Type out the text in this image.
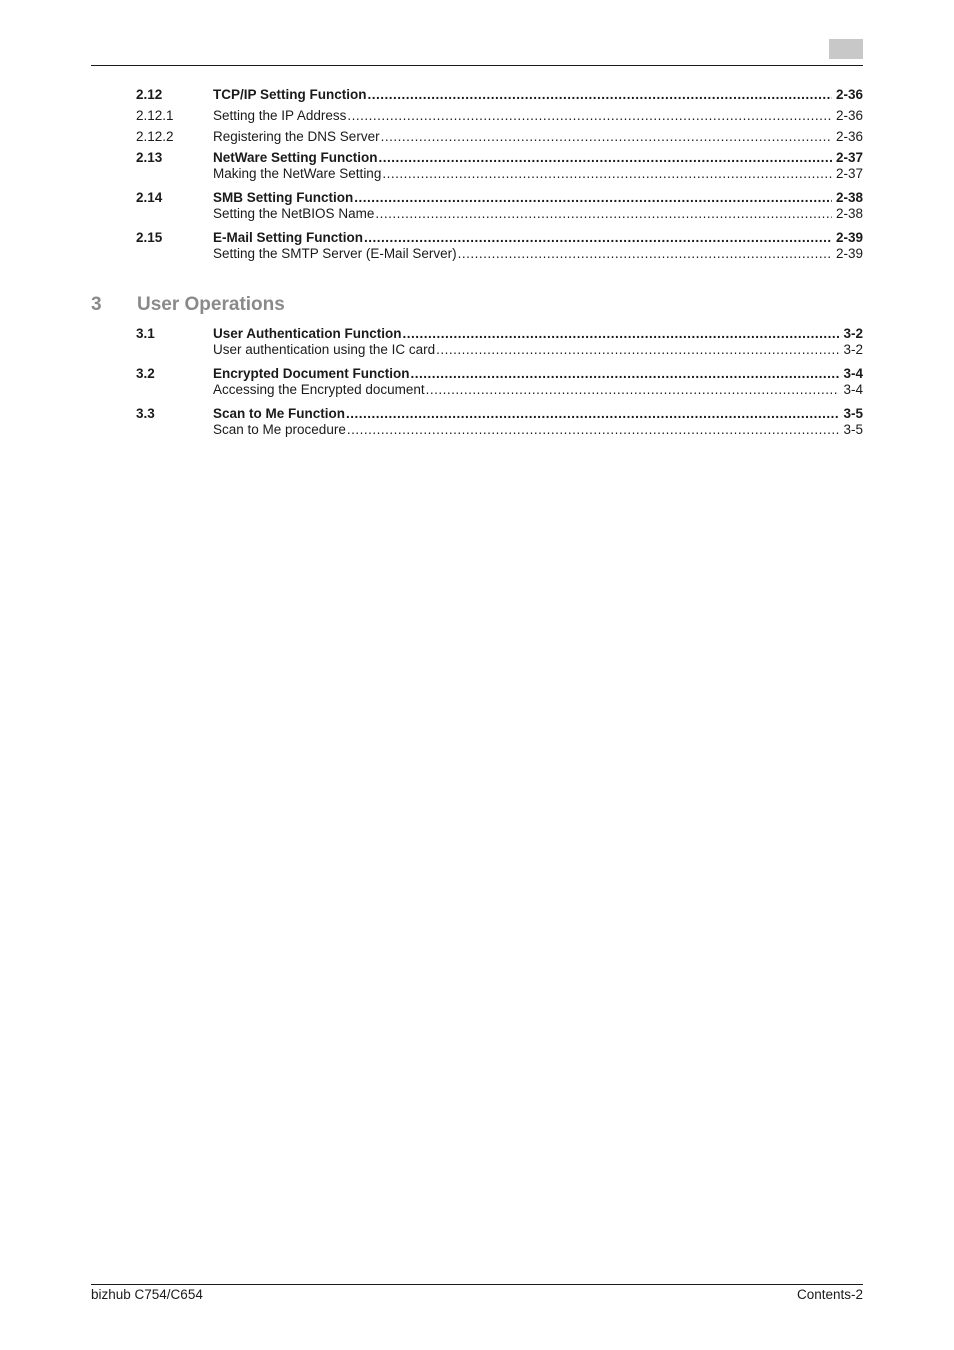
2.12	TCP/IP Setting Function .....	2-36
2.12.1	Setting the IP Address .....	2-36
2.12.2	Registering the DNS Server .....	2-36
2.13	NetWare Setting Function .....	2-37
Making the NetWare Setting .....	2-37
2.14	SMB Setting Function .....	2-38
Setting the NetBIOS Name .....	2-38
2.15	E-Mail Setting Function .....	2-39
Setting the SMTP Server (E-Mail Server) .....	2-39
3 User Operations
3.1	User Authentication Function .....	3-2
User authentication using the IC card .....	3-2
3.2	Encrypted Document Function .....	3-4
Accessing the Encrypted document .....	3-4
3.3	Scan to Me Function .....	3-5
Scan to Me procedure .....	3-5
bizhub C754/C654	Contents-2
